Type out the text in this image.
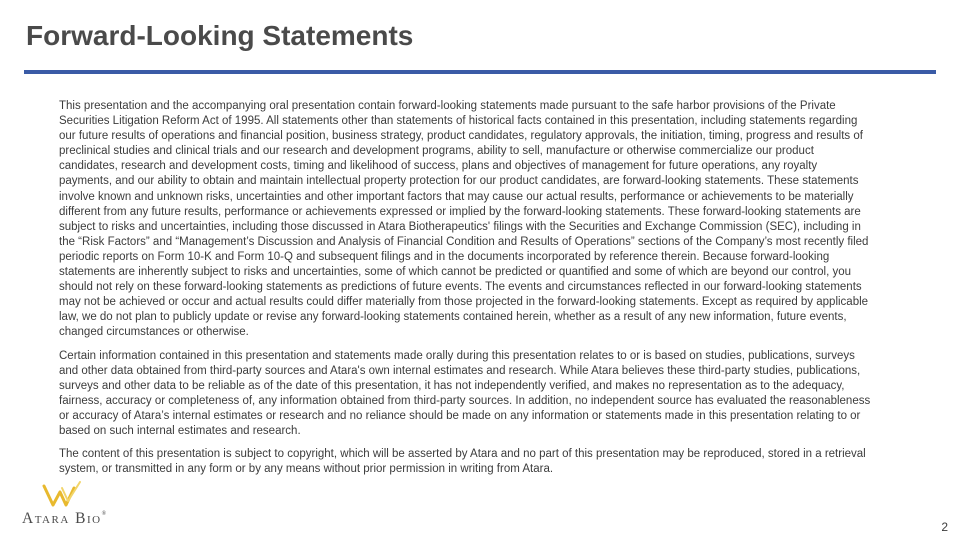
Forward-Looking Statements

This presentation and the accompanying oral presentation contain forward-looking statements made pursuant to the safe harbor provisions of the Private Securities Litigation Reform Act of 1995. All statements other than statements of historical facts contained in this presentation, including statements regarding our future results of operations and financial position, business strategy, product candidates, regulatory approvals, the initiation, timing, progress and results of preclinical studies and clinical trials and our research and development programs, ability to sell, manufacture or otherwise commercialize our product candidates, research and development costs, timing and likelihood of success, plans and objectives of management for future operations, any royalty payments, and our ability to obtain and maintain intellectual property protection for our product candidates, are forward-looking statements. These statements involve known and unknown risks, uncertainties and other important factors that may cause our actual results, performance or achievements to be materially different from any future results, performance or achievements expressed or implied by the forward-looking statements. These forward-looking statements are subject to risks and uncertainties, including those discussed in Atara Biotherapeutics' filings with the Securities and Exchange Commission (SEC), including in the “Risk Factors” and “Management’s Discussion and Analysis of Financial Condition and Results of Operations” sections of the Company’s most recently filed periodic reports on Form 10-K and Form 10-Q and subsequent filings and in the documents incorporated by reference therein. Because forward-looking statements are inherently subject to risks and uncertainties, some of which cannot be predicted or quantified and some of which are beyond our control, you should not rely on these forward-looking statements as predictions of future events. The events and circumstances reflected in our forward-looking statements may not be achieved or occur and actual results could differ materially from those projected in the forward-looking statements. Except as required by applicable law, we do not plan to publicly update or revise any forward-looking statements contained herein, whether as a result of any new information, future events, changed circumstances or otherwise.

Certain information contained in this presentation and statements made orally during this presentation relates to or is based on studies, publications, surveys and other data obtained from third-party sources and Atara's own internal estimates and research. While Atara believes these third-party studies, publications, surveys and other data to be reliable as of the date of this presentation, it has not independently verified, and makes no representation as to the adequacy, fairness, accuracy or completeness of, any information obtained from third-party sources. In addition, no independent source has evaluated the reasonableness or accuracy of Atara’s internal estimates or research and no reliance should be made on any information or statements made in this presentation relating to or based on such internal estimates and research.

The content of this presentation is subject to copyright, which will be asserted by Atara and no part of this presentation may be reproduced, stored in a retrieval system, or transmitted in any form or by any means without prior permission in writing from Atara.

Atara Bio®
2
